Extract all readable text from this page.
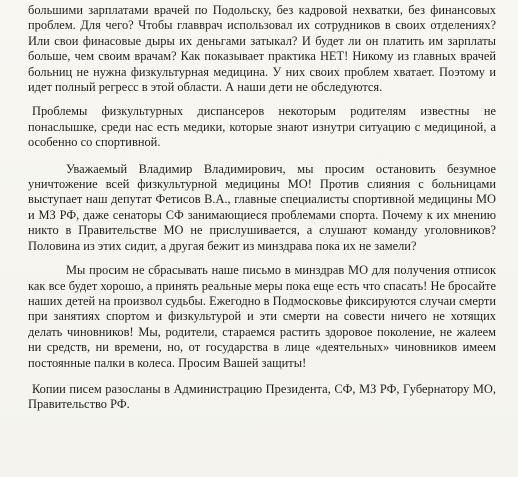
большими зарплатами врачей по Подольску, без кадровой нехватки, без финансовых проблем. Для чего? Чтобы главврач использовал их сотрудников в своих отделениях? Или свои финасовые дыры их деньгами затыкал? И будет ли он платить им зарплаты больше, чем своим врачам? Как показывает практика НЕТ! Никому из главных врачей больниц не нужна физкультурная медицина. У них своих проблем хватает. Поэтому и идет полный регресс в этой области. А наши дети не обследуются.

Проблемы физкультурных диспансеров некоторым родителям известны не понаслышке, среди нас есть медики, которые знают изнутри ситуацию с медициной, а особенно со спортивной.

Уважаемый Владимир Владимирович, мы просим остановить безумное уничтожение всей физкультурной медицины МО! Против слияния с больницами выступает наш депутат Фетисов В.А., главные специалисты спортивной медицины МО и МЗ РФ, даже сенаторы СФ занимающиеся проблемами спорта. Почему к их мнению никто в Правительстве МО не прислушивается, а слушают команду уголовников? Половина из этих сидит, а другая бежит из минздрава пока их не замели?

Мы просим не сбрасывать наше письмо в минздрав МО для получения отписок как все будет хорошо, а принять реальные меры пока еще есть что спасать! Не бросайте наших детей на произвол судьбы. Ежегодно в Подмосковье фиксируются случаи смерти при занятиях спортом и физкультурой и эти смерти на совести ничего не хотящих делать чиновников! Мы, родители, стараемся растить здоровое поколение, не жалеем ни средств, ни времени, но, от государства в лице «деятельных» чиновников имеем постоянные палки в колеса. Просим Вашей защиты!

Копии писем разосланы в Администрацию Президента, СФ, МЗ РФ, Губернатору МО, Правительство РФ.
